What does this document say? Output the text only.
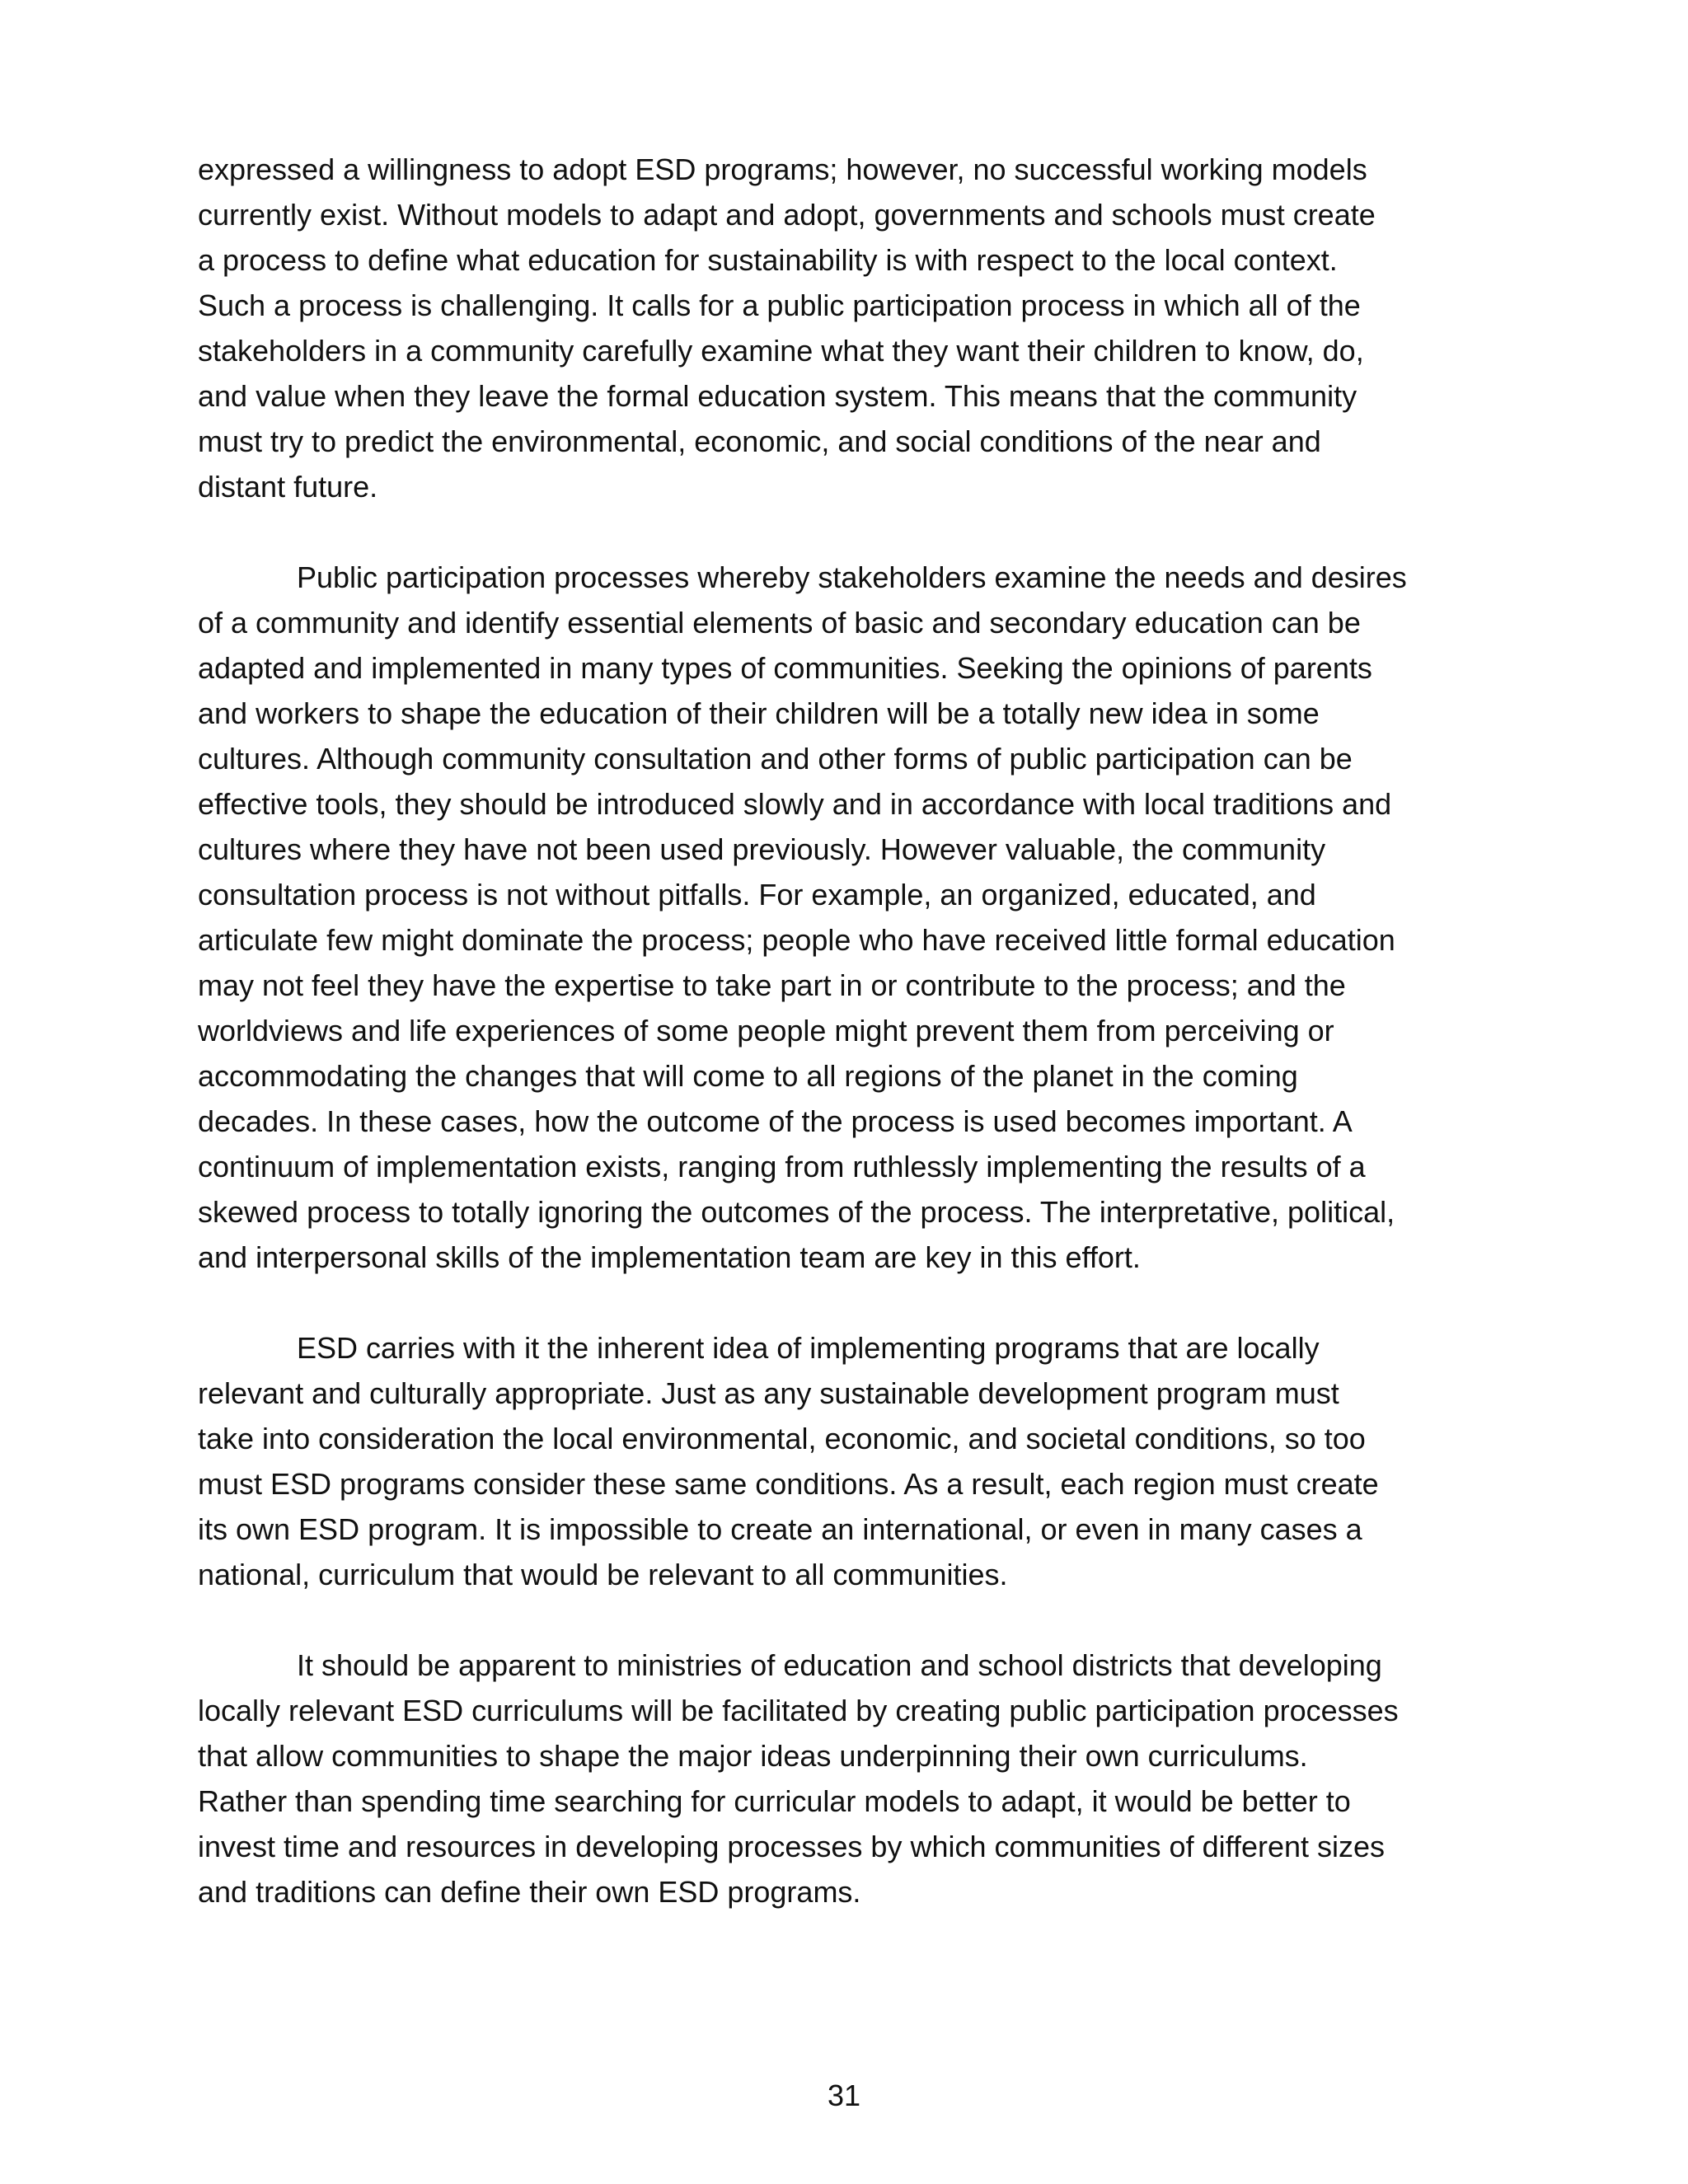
expressed a willingness to adopt ESD programs; however, no successful working models
currently exist. Without models to adapt and adopt, governments and schools must create
a process to define what education for sustainability is with respect to the local context.
Such a process is challenging. It calls for a public participation process in which all of the
stakeholders in a community carefully examine what they want their children to know, do,
and value when they leave the formal education system. This means that the community
must try to predict the environmental, economic, and social conditions of the near and
distant future.

Public participation processes whereby stakeholders examine the needs and desires
of a community and identify essential elements of basic and secondary education can be
adapted and implemented in many types of communities. Seeking the opinions of parents
and workers to shape the education of their children will be a totally new idea in some
cultures. Although community consultation and other forms of public participation can be
effective tools, they should be introduced slowly and in accordance with local traditions and
cultures where they have not been used previously. However valuable, the community
consultation process is not without pitfalls. For example, an organized, educated, and
articulate few might dominate the process; people who have received little formal education
may not feel they have the expertise to take part in or contribute to the process; and the
worldviews and life experiences of some people might prevent them from perceiving or
accommodating the changes that will come to all regions of the planet in the coming
decades. In these cases, how the outcome of the process is used becomes important. A
continuum of implementation exists, ranging from ruthlessly implementing the results of a
skewed process to totally ignoring the outcomes of the process. The interpretative, political,
and interpersonal skills of the implementation team are key in this effort.

ESD carries with it the inherent idea of implementing programs that are locally
relevant and culturally appropriate. Just as any sustainable development program must
take into consideration the local environmental, economic, and societal conditions, so too
must ESD programs consider these same conditions. As a result, each region must create
its own ESD program. It is impossible to create an international, or even in many cases a
national, curriculum that would be relevant to all communities.

It should be apparent to ministries of education and school districts that developing
locally relevant ESD curriculums will be facilitated by creating public participation processes
that allow communities to shape the major ideas underpinning their own curriculums.
Rather than spending time searching for curricular models to adapt, it would be better to
invest time and resources in developing processes by which communities of different sizes
and traditions can define their own ESD programs.

31
